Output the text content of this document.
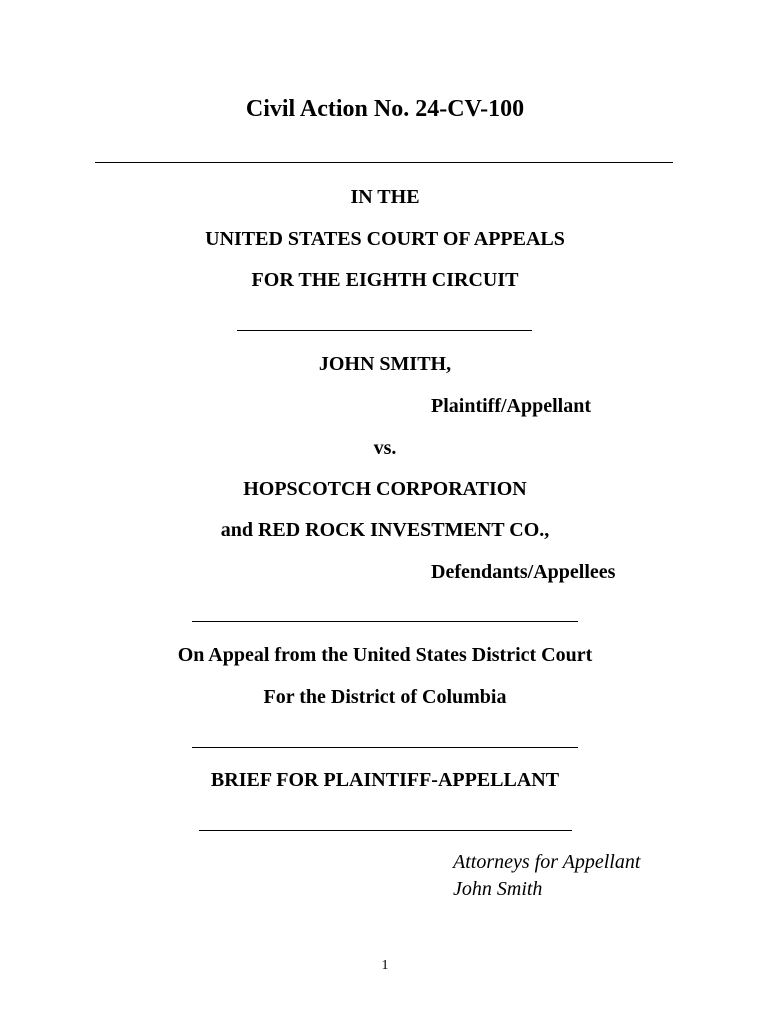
Civil Action No. 24-CV-100
IN THE
UNITED STATES COURT OF APPEALS
FOR THE EIGHTH CIRCUIT
JOHN SMITH,
Plaintiff/Appellant
vs.
HOPSCOTCH CORPORATION
and RED ROCK INVESTMENT CO.,
Defendants/Appellees
On Appeal from the United States District Court
For the District of Columbia
BRIEF FOR PLAINTIFF-APPELLANT
Attorneys for Appellant
John Smith
1
